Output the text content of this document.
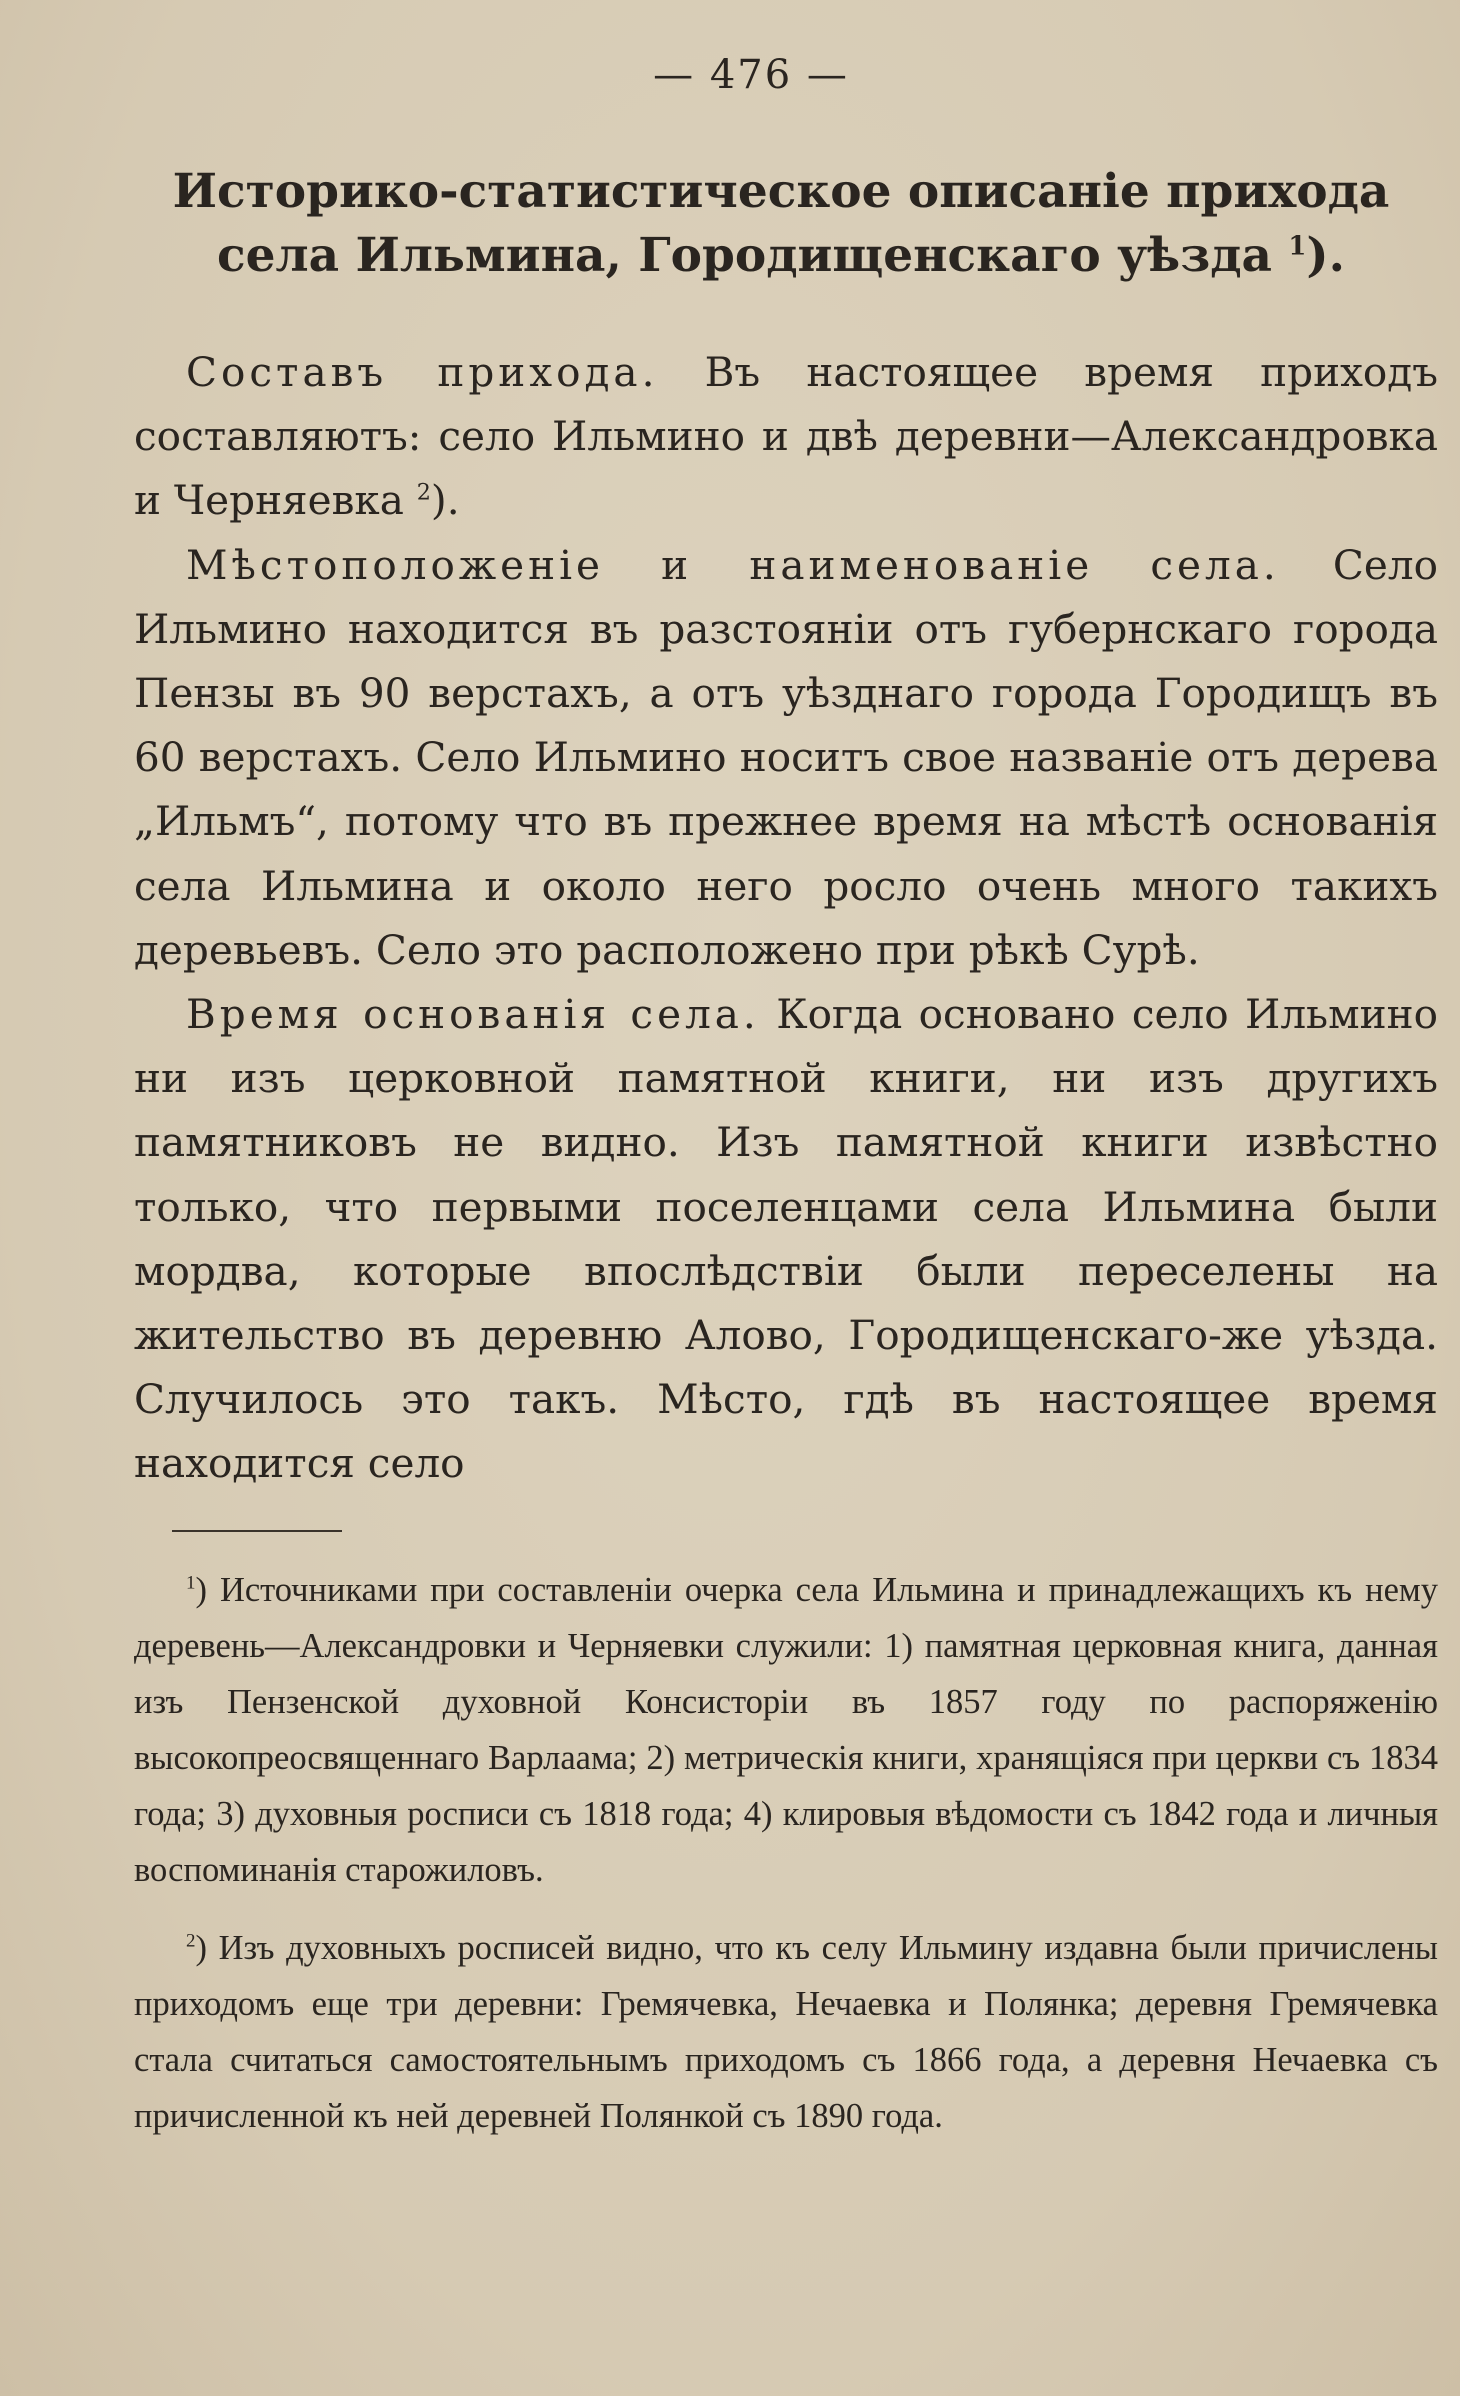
— 476 —
Историко-статистическое описаніе прихода села Ильмина, Городищенскаго уѣзда $^1$).

Составъ прихода. Въ настоящее время приходъ составляютъ: село Ильмино и двѣ деревни—Александровка и Черняевка $^2$).

Мѣстоположеніе и наименованіе села. Село Ильмино находится въ разстояніи отъ губернскаго города Пензы въ 90 верстахъ, а отъ уѣзднаго города Городищъ въ 60 верстахъ. Село Ильмино носитъ свое названіе отъ дерева „Ильмъ“, потому что въ прежнее время на мѣстѣ основанія села Ильмина и около него росло очень много такихъ деревьевъ. Село это расположено при рѣкѣ Сурѣ.

Время основанія села. Когда основано село Ильмино ни изъ церковной памятной книги, ни изъ другихъ памятниковъ не видно. Изъ памятной книги извѣстно только, что первыми поселенцами села Ильмина были мордва, которые впослѣдствіи были переселены на жительство въ деревню Алово, Городищенскаго-же уѣзда. Случилось это такъ. Мѣсто, гдѣ въ настоящее время находится село

$^1$) Источниками при составленіи очерка села Ильмина и принадлежащихъ къ нему деревень—Александровки и Черняевки служили: 1) памятная церковная книга, данная изъ Пензенской духовной Консисторіи въ 1857 году по распоряженію высокопреосвященнаго Варлаама; 2) метрическія книги, хранящіяся при церкви съ 1834 года; 3) духовныя росписи съ 1818 года; 4) клировыя вѣдомости съ 1842 года и личныя воспоминанія старожиловъ.

$^2$) Изъ духовныхъ росписей видно, что къ селу Ильмину издавна были причислены приходомъ еще три деревни: Гремячевка, Нечаевка и Полянка; деревня Гремячевка стала считаться самостоятельнымъ приходомъ съ 1866 года, а деревня Нечаевка съ причисленной къ ней деревней Полянкой съ 1890 года.
